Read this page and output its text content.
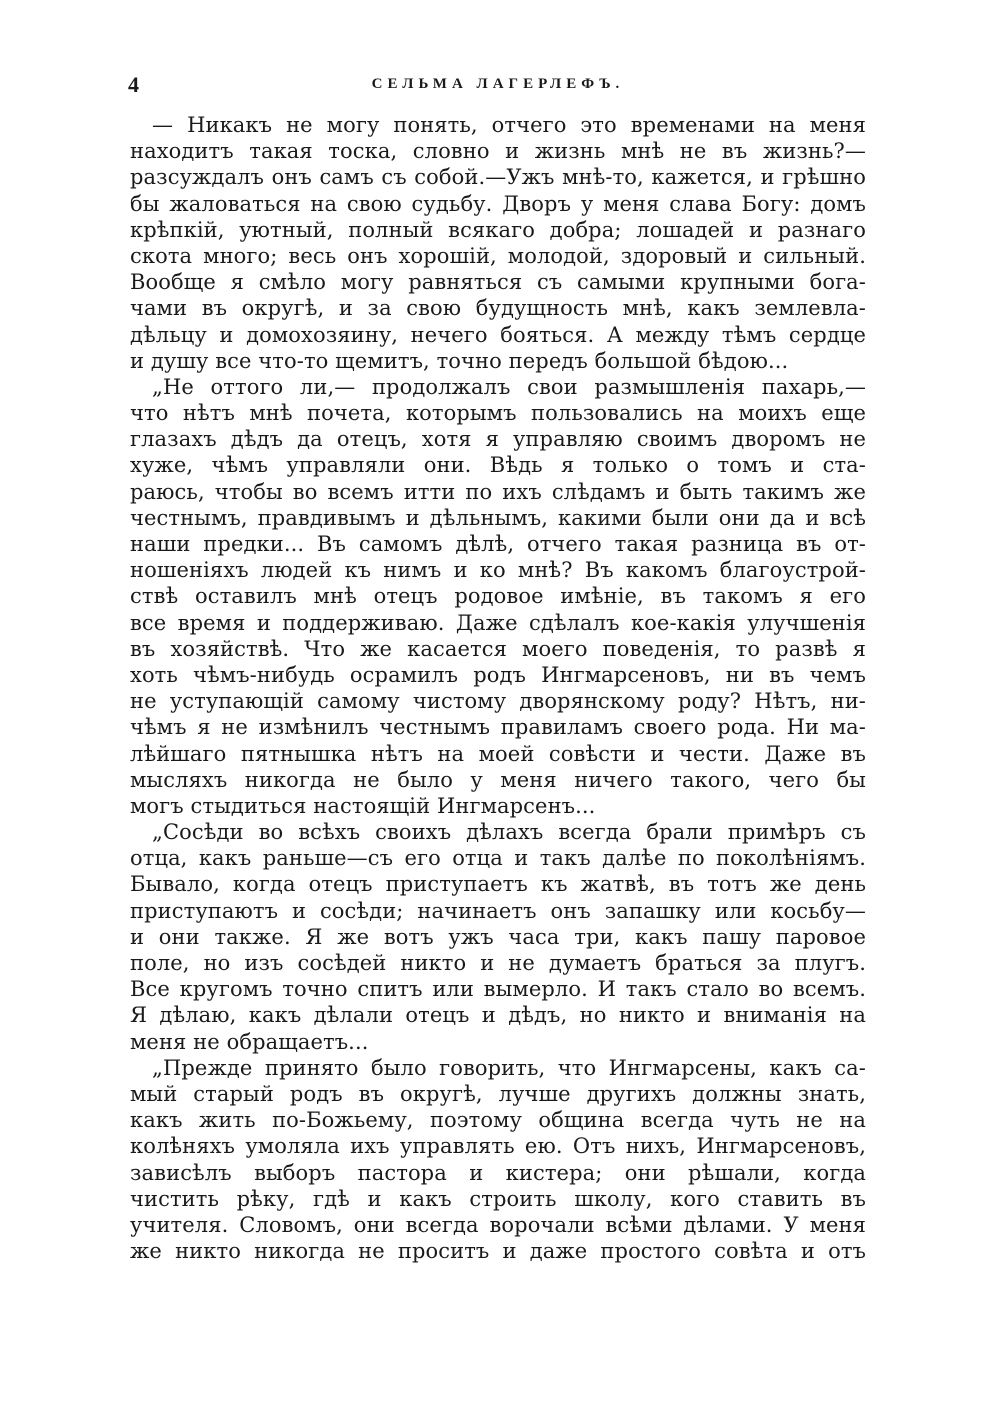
4	СЕЛЬМА ЛАГЕРЛЕФЪ.
— Никакъ не могу понять, отчего это временами на меня
находитъ такая тоска, словно и жизнь мнѣ не въ жизнь?—
разсуждалъ онъ самъ съ собой.—Ужъ мнѣ-то, кажется, и грѣшно
бы жаловаться на свою судьбу. Дворъ у меня слава Богу: домъ
крѣпкій, уютный, полный всякаго добра; лошадей и разнаго
скота много; весь онъ хорошій, молодой, здоровый и сильный.
Вообще я смѣло могу равняться съ самыми крупными бога-
чами въ округѣ, и за свою будущность мнѣ, какъ землевла-
дѣльцу и домохозяину, нечего бояться. А между тѣмъ сердце
и душу все что-то щемитъ, точно передъ большой бѣдою...
„Не оттого ли,— продолжалъ свои размышленія пахарь,—
что нѣтъ мнѣ почета, которымъ пользовались на моихъ еще
глазахъ дѣдъ да отецъ, хотя я управляю своимъ дворомъ не
хуже, чѣмъ управляли они. Вѣдь я только о томъ и ста-
раюсь, чтобы во всемъ итти по ихъ слѣдамъ и быть такимъ же
честнымъ, правдивымъ и дѣльнымъ, какими были они да и всѣ
наши предки... Въ самомъ дѣлѣ, отчего такая разница въ от-
ношеніяхъ людей къ нимъ и ко мнѣ? Въ какомъ благоустрой-
ствѣ оставилъ мнѣ отецъ родовое имѣніе, въ такомъ я его
все время и поддерживаю. Даже сдѣлалъ кое-какія улучшенія
въ хозяйствѣ. Что же касается моего поведенія, то развѣ я
хоть чѣмъ-нибудь осрамилъ родъ Ингмарсеновъ, ни въ чемъ
не уступающій самому чистому дворянскому роду? Нѣтъ, ни-
чѣмъ я не измѣнилъ честнымъ правиламъ своего рода. Ни ма-
лѣйшаго пятнышка нѣтъ на моей совѣсти и чести. Даже въ
мысляхъ никогда не было у меня ничего такого, чего бы
могъ стыдиться настоящій Ингмарсенъ...
„Сосѣди во всѣхъ своихъ дѣлахъ всегда брали примѣръ съ
отца, какъ раньше—съ его отца и такъ далѣе по поколѣніямъ.
Бывало, когда отецъ приступаетъ къ жатвѣ, въ тотъ же день
приступаютъ и сосѣди; начинаетъ онъ запашку или косьбу—
и они также. Я же вотъ ужъ часа три, какъ пашу паровое
поле, но изъ сосѣдей никто и не думаетъ браться за плугъ.
Все кругомъ точно спитъ или вымерло. И такъ стало во всемъ.
Я дѣлаю, какъ дѣлали отецъ и дѣдъ, но никто и вниманія на
меня не обращаетъ...
„Прежде принято было говорить, что Ингмарсены, какъ са-
мый старый родъ въ округѣ, лучше другихъ должны знать,
какъ жить по-Божьему, поэтому община всегда чуть не на
колѣняхъ умоляла ихъ управлять ею. Отъ нихъ, Ингмарсеновъ,
зависѣлъ выборъ пастора и кистера; они рѣшали, когда
чистить рѣку, гдѣ и какъ строить школу, кого ставить въ
учителя. Словомъ, они всегда ворочали всѣми дѣлами. У меня
же никто никогда не проситъ и даже простого совѣта и отъ
